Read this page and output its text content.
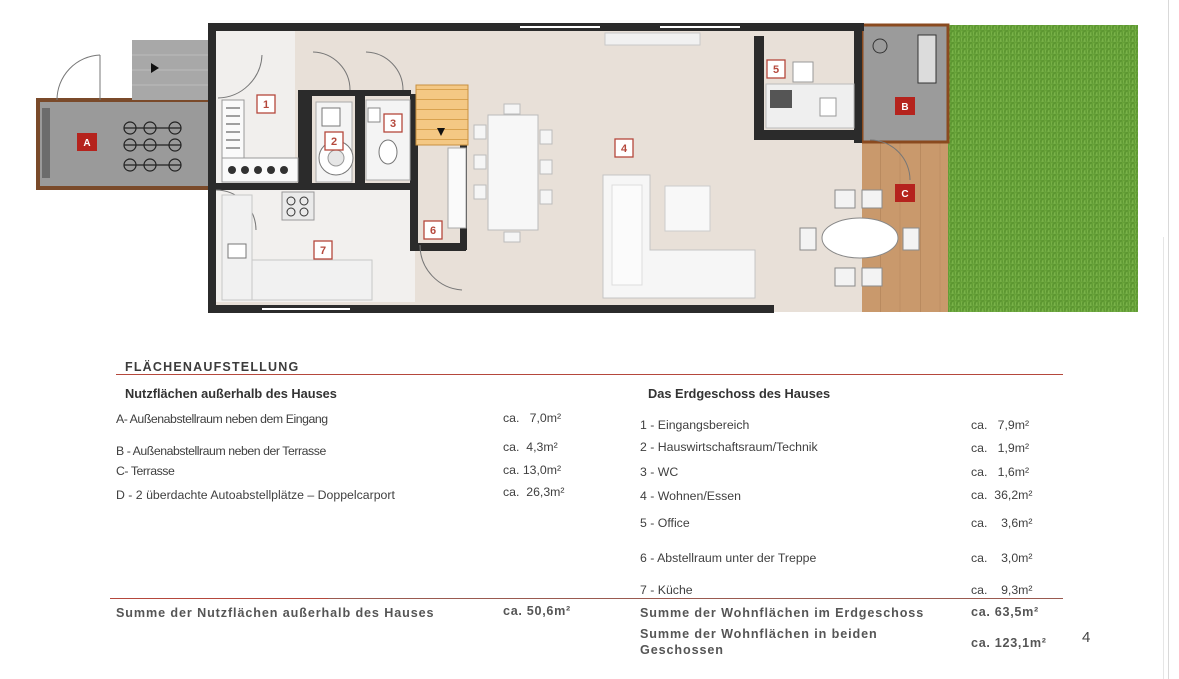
1
2
3
4
5
6
7
A
B
C
FLÄCHENAUFSTELLUNG
Nutzflächen außerhalb des Hauses	Das Erdgeschoss des Hauses
A- Außenabstellraum neben dem Eingang	ca.   7,0m²
B - Außenabstellraum neben der Terrasse	ca.  4,3m²
C- Terrasse	ca. 13,0m²
D - 2 überdachte Autoabstellplätze – Doppelcarport	ca.  26,3m²
1 - Eingangsbereich	ca.   7,9m²
2 - Hauswirtschaftsraum/Technik	ca.   1,9m²
3 - WC	ca.   1,6m²
4 - Wohnen/Essen	ca.  36,2m²
5 - Office	ca.    3,6m²
6 - Abstellraum unter der Treppe	ca.    3,0m²
7 - Küche	ca.    9,3m²
Summe der Nutzflächen außerhalb des Hauses	ca. 50,6m²	Summe der Wohnflächen im Erdgeschoss	ca. 63,5m²
Summe der Wohnflächen in beiden
Geschossen	ca. 123,1m² 4
